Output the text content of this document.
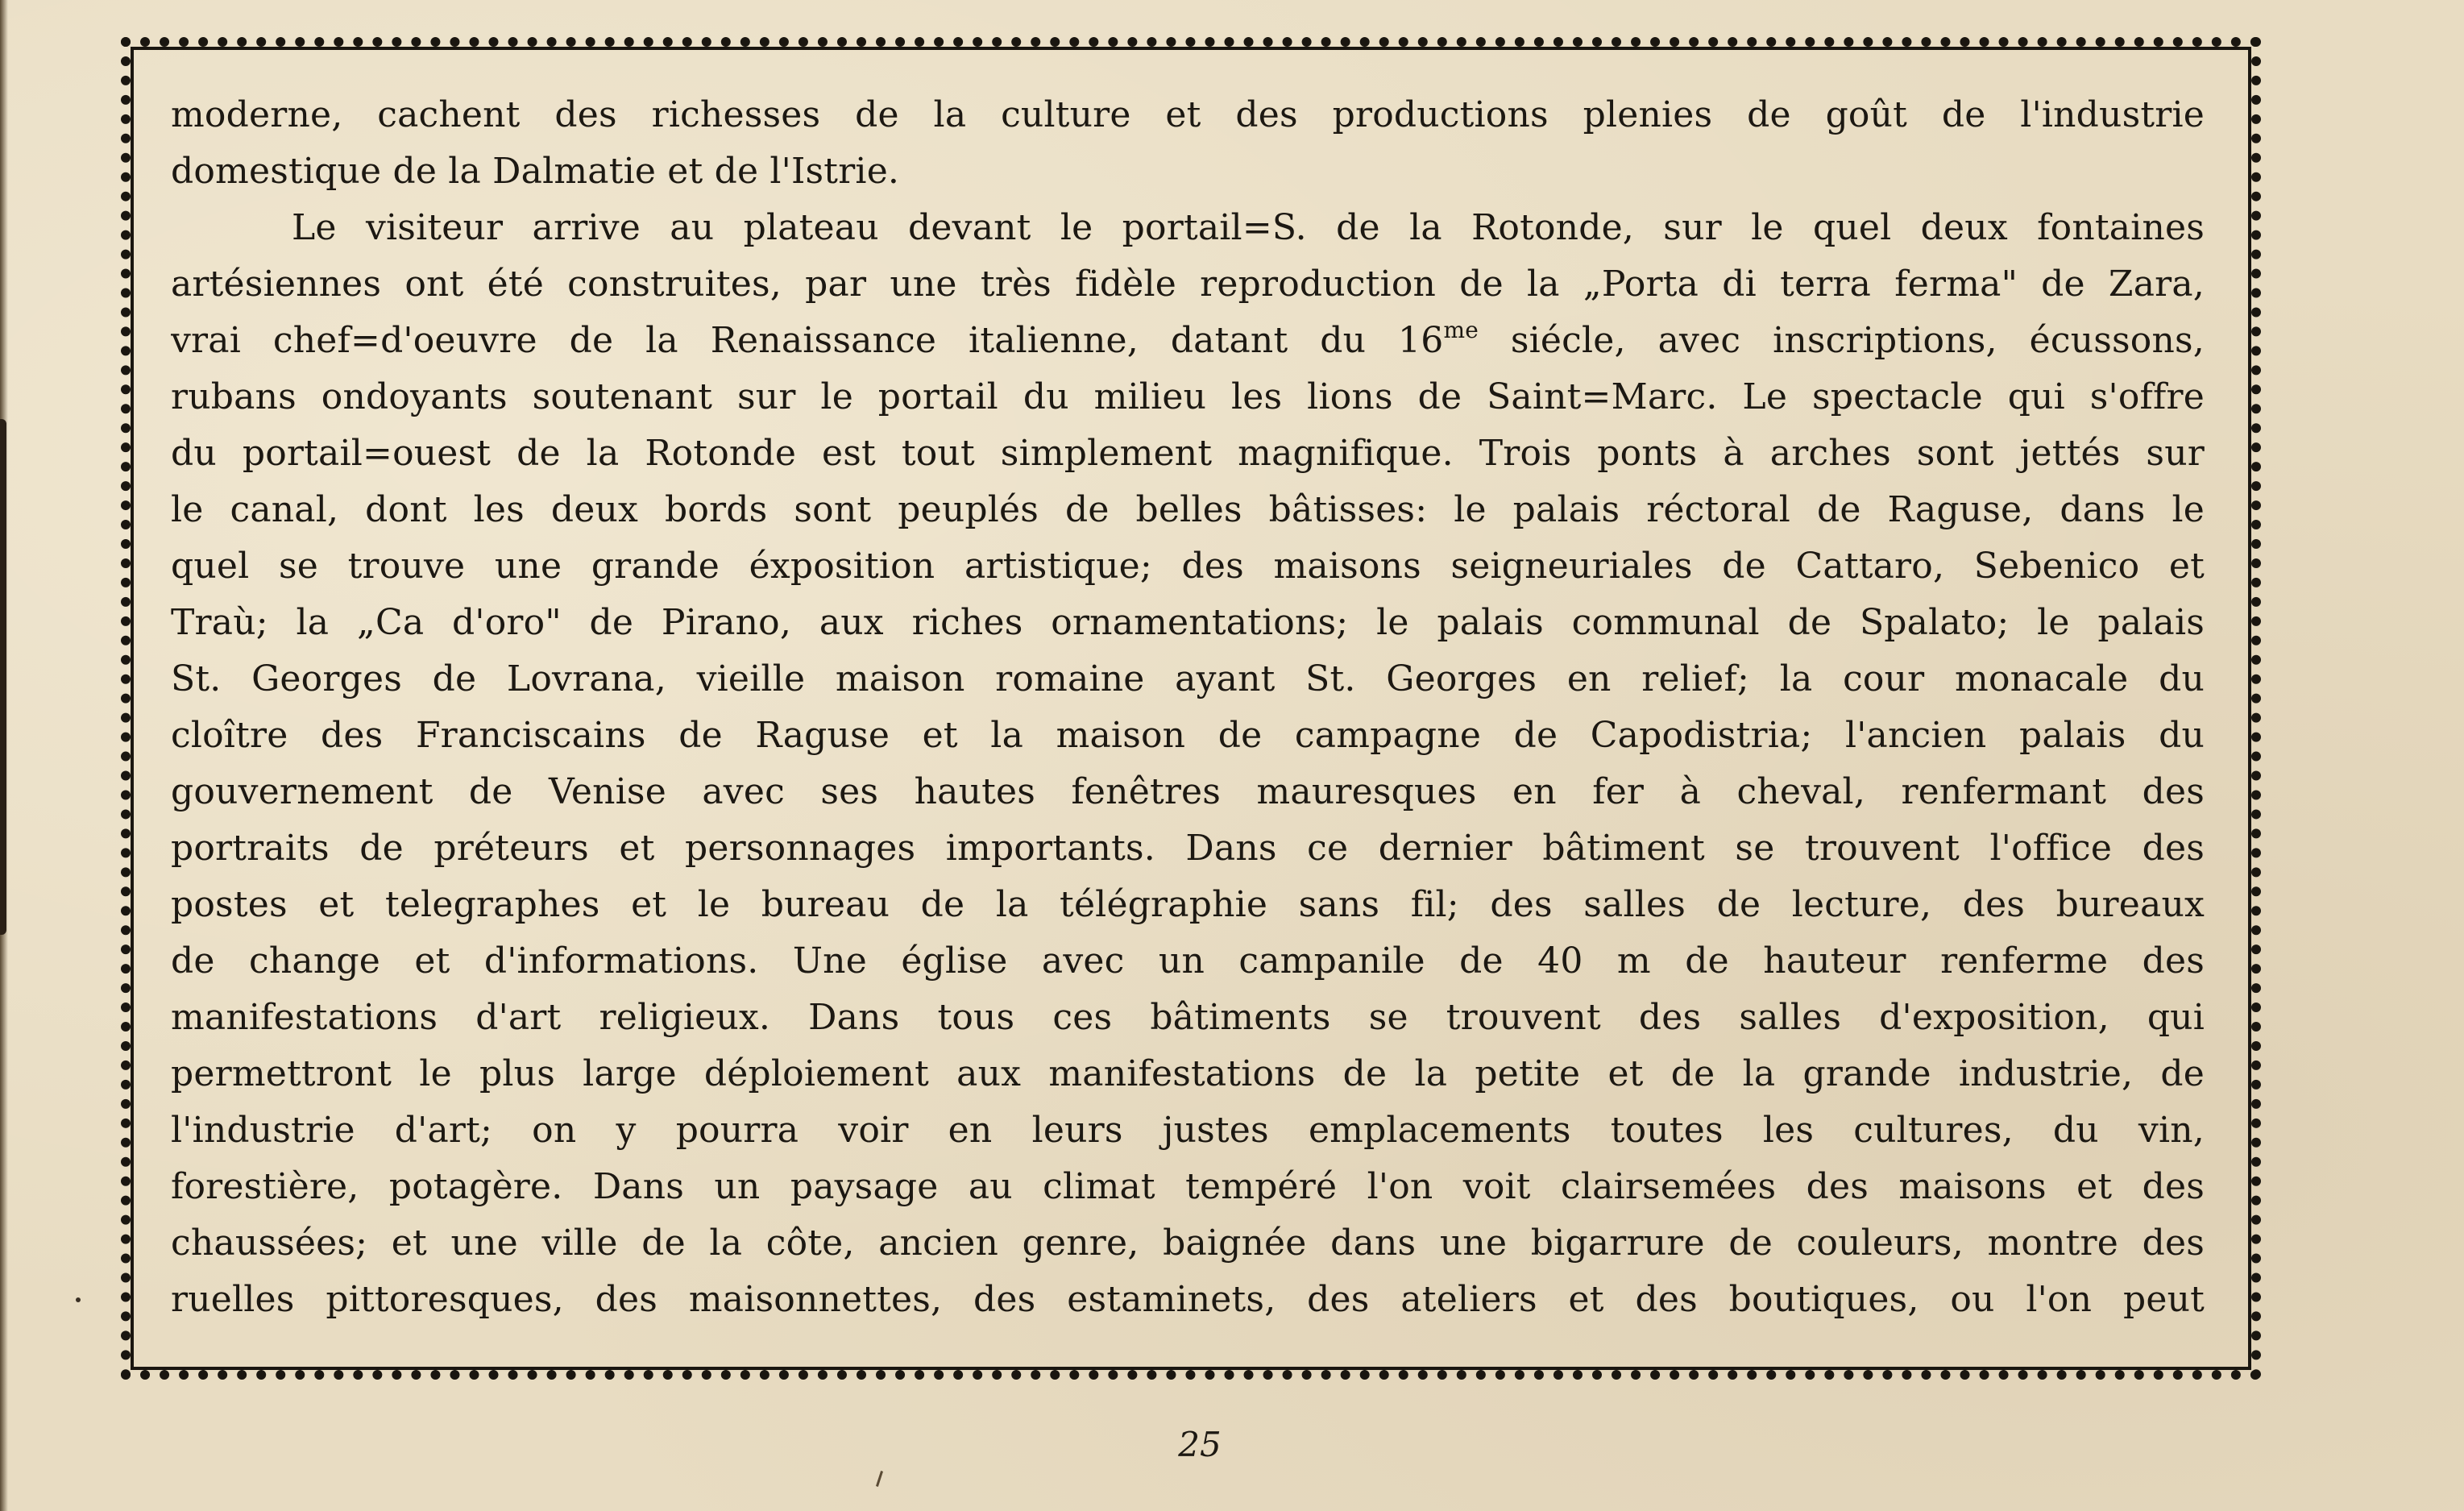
moderne, cachent des richesses de la culture et des productions plenies de goût de l'industrie
domestique de la Dalmatie et de l'Istrie.
Le visiteur arrive au plateau devant le portail=S. de la Rotonde, sur le quel deux fontaines
artésiennes ont été construites, par une très fidèle reproduction de la „Porta di terra ferma" de Zara,
vrai chef=d'oeuvre de la Renaissance italienne, datant du $16^{me}$ siécle, avec inscriptions, écussons,
rubans ondoyants soutenant sur le portail du milieu les lions de Saint=Marc. Le spectacle qui s'offre
du portail=ouest de la Rotonde est tout simplement magnifique. Trois ponts à arches sont jettés sur
le canal, dont les deux bords sont peuplés de belles bâtisses: le palais réctoral de Raguse, dans le
quel se trouve une grande éxposition artistique; des maisons seigneuriales de Cattaro, Sebenico et
Traù; la „Ca d'oro" de Pirano, aux riches ornamentations; le palais communal de Spalato; le palais
St. Georges de Lovrana, vieille maison romaine ayant St. Georges en relief; la cour monacale du
cloître des Franciscains de Raguse et la maison de campagne de Capodistria; l'ancien palais du
gouvernement de Venise avec ses hautes fenêtres mauresques en fer à cheval, renfermant des
portraits de préteurs et personnages importants. Dans ce dernier bâtiment se trouvent l'office des
postes et telegraphes et le bureau de la télégraphie sans fil; des salles de lecture, des bureaux
de change et d'informations. Une église avec un campanile de 40 m de hauteur renferme des
manifestations d'art religieux. Dans tous ces bâtiments se trouvent des salles d'exposition, qui
permettront le plus large déploiement aux manifestations de la petite et de la grande industrie, de
l'industrie d'art; on y pourra voir en leurs justes emplacements toutes les cultures, du vin,
forestière, potagère. Dans un paysage au climat tempéré l'on voit clairsemées des maisons et des
chaussées; et une ville de la côte, ancien genre, baignée dans une bigarrure de couleurs, montre des
ruelles pittoresques, des maisonnettes, des estaminets, des ateliers et des boutiques, ou l'on peut
25
